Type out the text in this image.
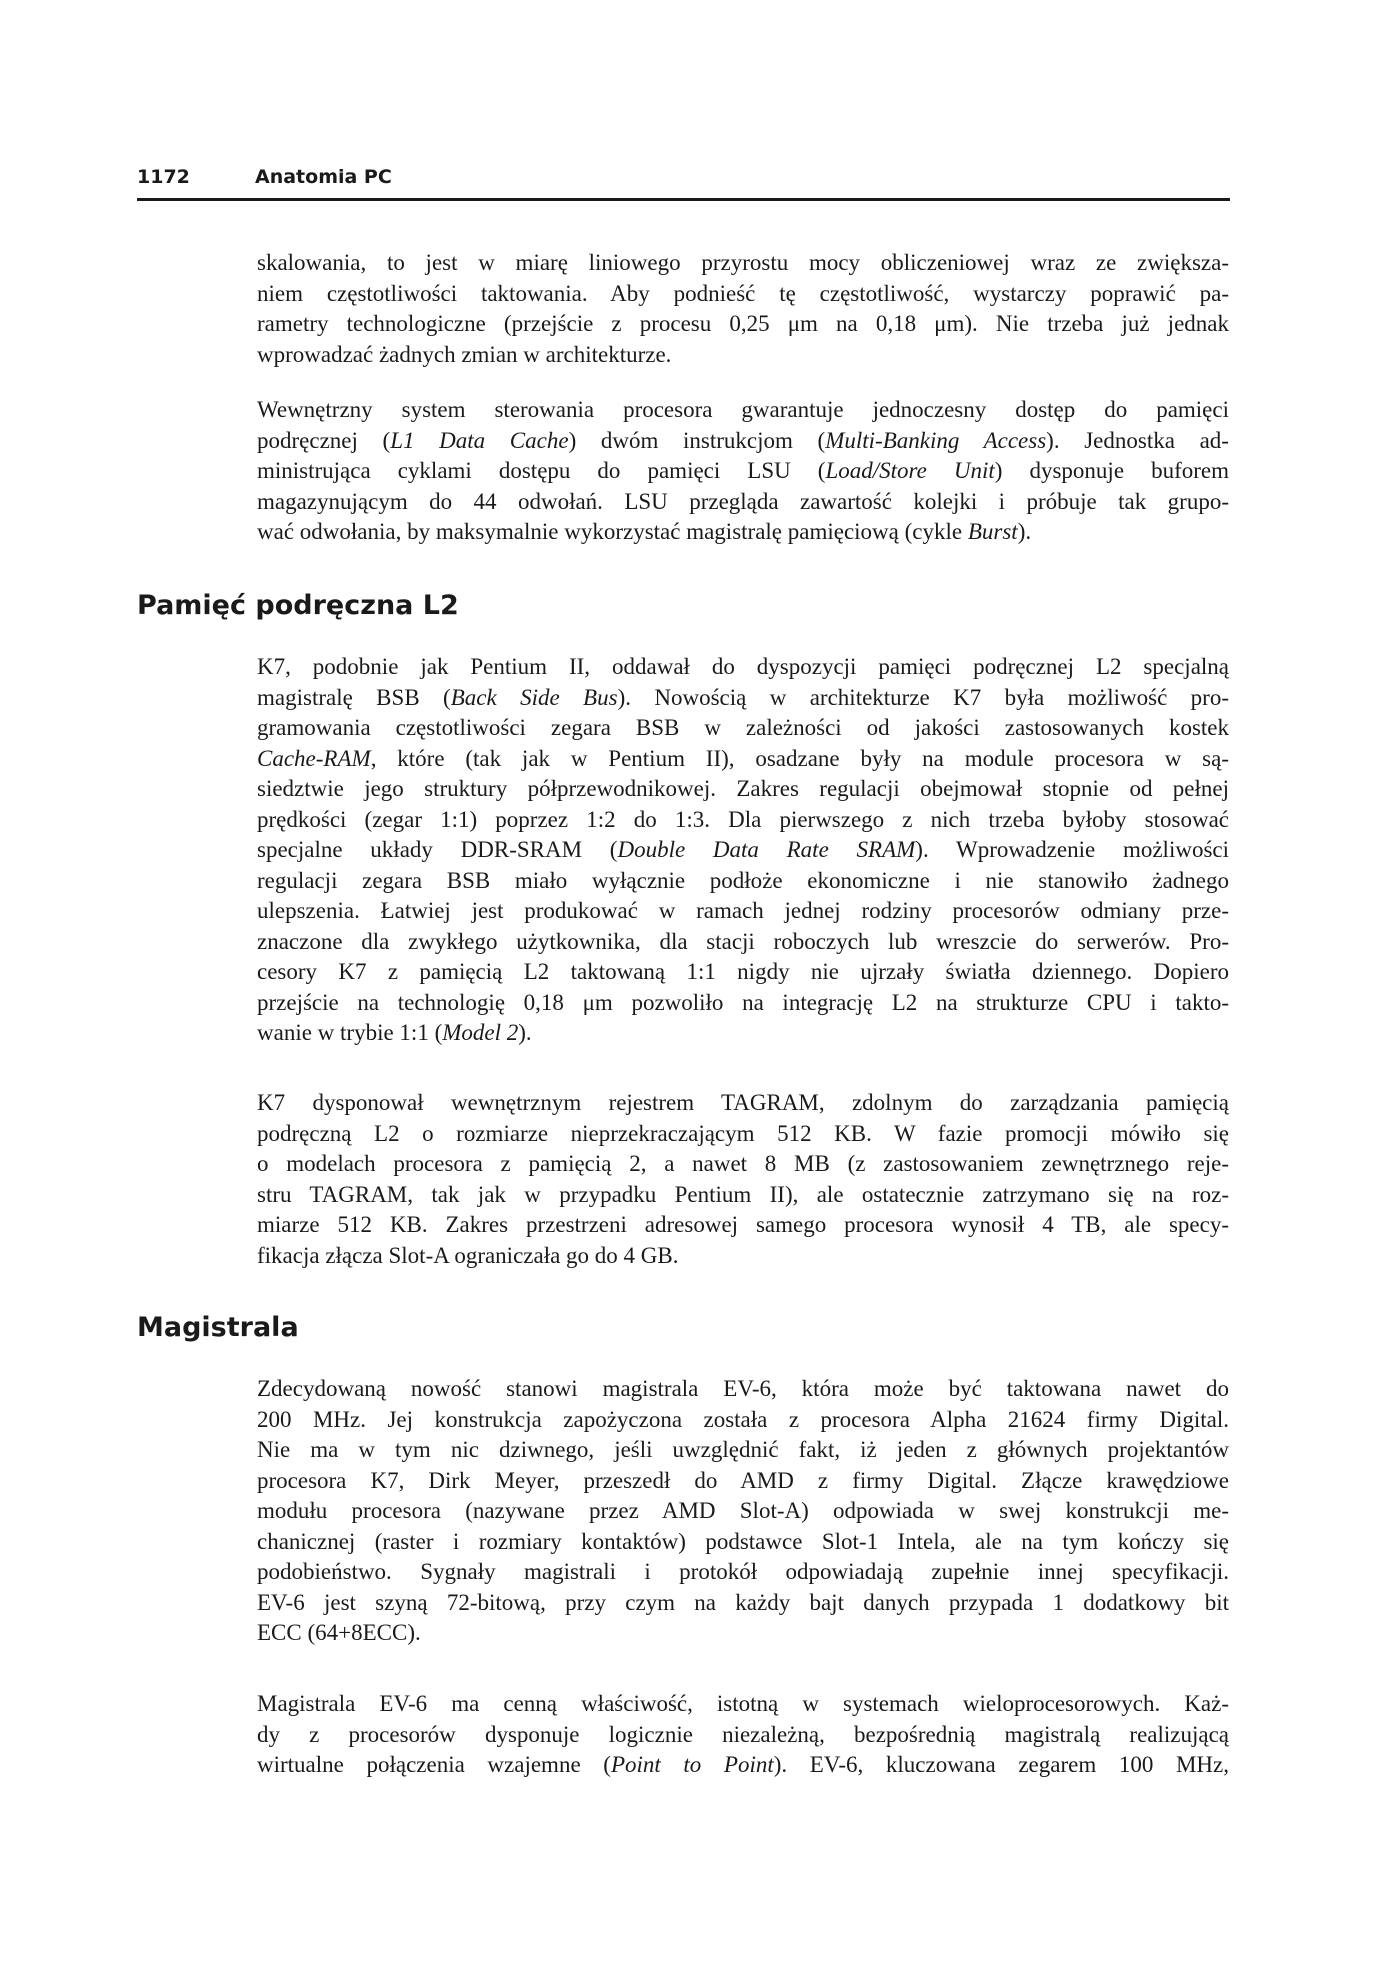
1172	Anatomia PC
skalowania, to jest w miarę liniowego przyrostu mocy obliczeniowej wraz ze zwiększa-
niem częstotliwości taktowania. Aby podnieść tę częstotliwość, wystarczy poprawić pa-
rametry technologiczne (przejście z procesu 0,25 μm na 0,18 μm). Nie trzeba już jednak
wprowadzać żadnych zmian w architekturze.
Wewnętrzny system sterowania procesora gwarantuje jednoczesny dostęp do pamięci
podręcznej (L1 Data Cache) dwóm instrukcjom (Multi-Banking Access). Jednostka ad-
ministrująca cyklami dostępu do pamięci LSU (Load/Store Unit) dysponuje buforem
magazynującym do 44 odwołań. LSU przegląda zawartość kolejki i próbuje tak grupo-
wać odwołania, by maksymalnie wykorzystać magistralę pamięciową (cykle Burst).
Pamięć podręczna L2
K7, podobnie jak Pentium II, oddawał do dyspozycji pamięci podręcznej L2 specjalną
magistralę BSB (Back Side Bus). Nowością w architekturze K7 była możliwość pro-
gramowania częstotliwości zegara BSB w zależności od jakości zastosowanych kostek
Cache-RAM, które (tak jak w Pentium II), osadzane były na module procesora w są-
siedztwie jego struktury półprzewodnikowej. Zakres regulacji obejmował stopnie od pełnej
prędkości (zegar 1:1) poprzez 1:2 do 1:3. Dla pierwszego z nich trzeba byłoby stosować
specjalne układy DDR-SRAM (Double Data Rate SRAM). Wprowadzenie możliwości
regulacji zegara BSB miało wyłącznie podłoże ekonomiczne i nie stanowiło żadnego
ulepszenia. Łatwiej jest produkować w ramach jednej rodziny procesorów odmiany prze-
znaczone dla zwykłego użytkownika, dla stacji roboczych lub wreszcie do serwerów. Pro-
cesory K7 z pamięcią L2 taktowaną 1:1 nigdy nie ujrzały światła dziennego. Dopiero
przejście na technologię 0,18 μm pozwoliło na integrację L2 na strukturze CPU i takto-
wanie w trybie 1:1 (Model 2).
K7 dysponował wewnętrznym rejestrem TAGRAM, zdolnym do zarządzania pamięcią
podręczną L2 o rozmiarze nieprzekraczającym 512 KB. W fazie promocji mówiło się
o modelach procesora z pamięcią 2, a nawet 8 MB (z zastosowaniem zewnętrznego reje-
stru TAGRAM, tak jak w przypadku Pentium II), ale ostatecznie zatrzymano się na roz-
miarze 512 KB. Zakres przestrzeni adresowej samego procesora wynosił 4 TB, ale specy-
fikacja złącza Slot-A ograniczała go do 4 GB.
Magistrala
Zdecydowaną nowość stanowi magistrala EV-6, która może być taktowana nawet do
200 MHz. Jej konstrukcja zapożyczona została z procesora Alpha 21624 firmy Digital.
Nie ma w tym nic dziwnego, jeśli uwzględnić fakt, iż jeden z głównych projektantów
procesora K7, Dirk Meyer, przeszedł do AMD z firmy Digital. Złącze krawędziowe
modułu procesora (nazywane przez AMD Slot-A) odpowiada w swej konstrukcji me-
chanicznej (raster i rozmiary kontaktów) podstawce Slot-1 Intela, ale na tym kończy się
podobieństwo. Sygnały magistrali i protokół odpowiadają zupełnie innej specyfikacji.
EV-6 jest szyną 72-bitową, przy czym na każdy bajt danych przypada 1 dodatkowy bit
ECC (64+8ECC).
Magistrala EV-6 ma cenną właściwość, istotną w systemach wieloprocesorowych. Każ-
dy z procesorów dysponuje logicznie niezależną, bezpośrednią magistralą realizującą
wirtualne połączenia wzajemne (Point to Point). EV-6, kluczowana zegarem 100 MHz,
